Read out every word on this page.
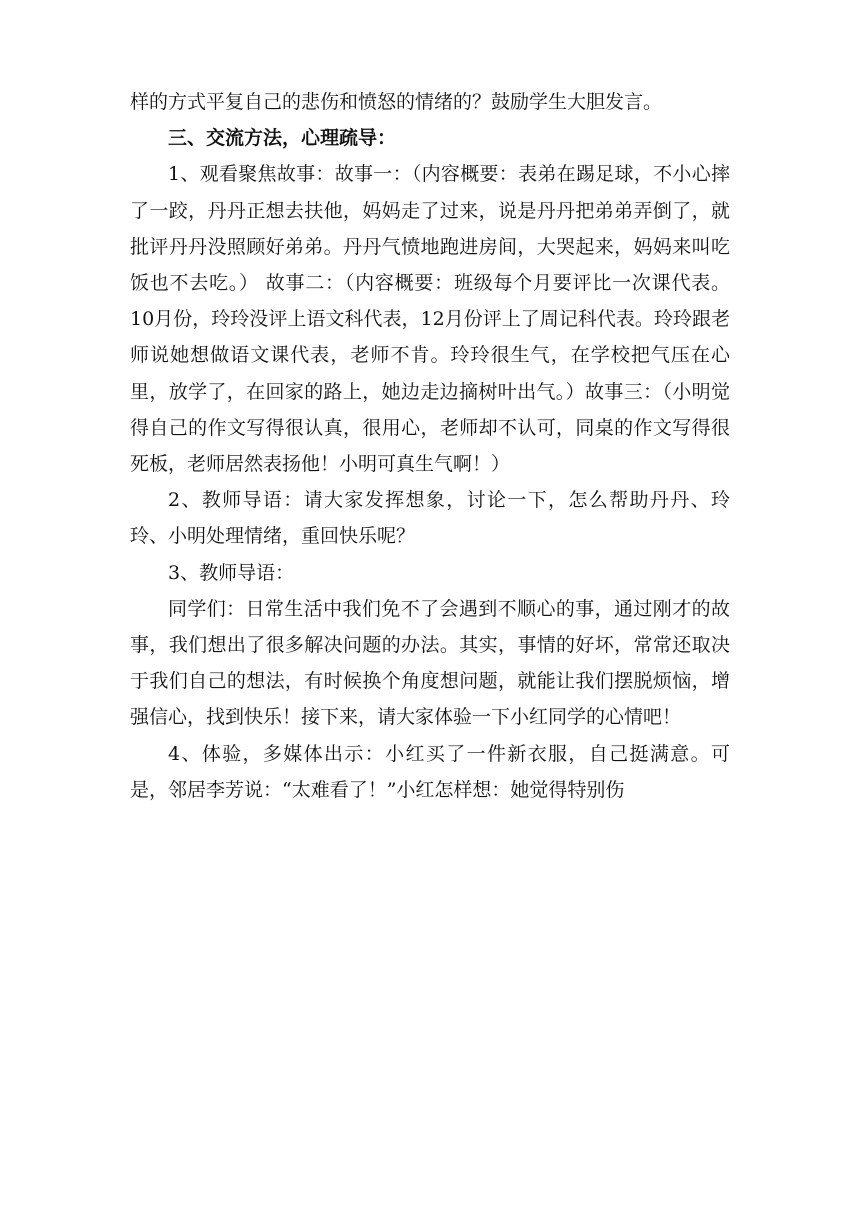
样的方式平复自己的悲伤和愤怒的情绪的？鼓励学生大胆发言。

三、交流方法，心理疏导：

1、观看聚焦故事：故事一：（内容概要：表弟在踢足球，不小心摔了一跤，丹丹正想去扶他，妈妈走了过来，说是丹丹把弟弟弄倒了，就批评丹丹没照顾好弟弟。丹丹气愤地跑进房间，大哭起来，妈妈来叫吃饭也不去吃。） 故事二：（内容概要：班级每个月要评比一次课代表。10月份，玲玲没评上语文科代表，12月份评上了周记科代表。玲玲跟老师说她想做语文课代表，老师不肯。玲玲很生气，在学校把气压在心里，放学了，在回家的路上，她边走边摘树叶出气。）故事三：（小明觉得自己的作文写得很认真，很用心，老师却不认可，同桌的作文写得很死板，老师居然表扬他！小明可真生气啊！）

2、教师导语：请大家发挥想象，讨论一下，怎么帮助丹丹、玲玲、小明处理情绪，重回快乐呢？

3、教师导语：

同学们：日常生活中我们免不了会遇到不顺心的事，通过刚才的故事，我们想出了很多解决问题的办法。其实，事情的好坏，常常还取决于我们自己的想法，有时候换个角度想问题，就能让我们摆脱烦恼，增强信心，找到快乐！接下来，请大家体验一下小红同学的心情吧！

4、体验，多媒体出示：小红买了一件新衣服，自己挺满意。可是，邻居李芳说：“太难看了！”小红怎样想：她觉得特别伤
